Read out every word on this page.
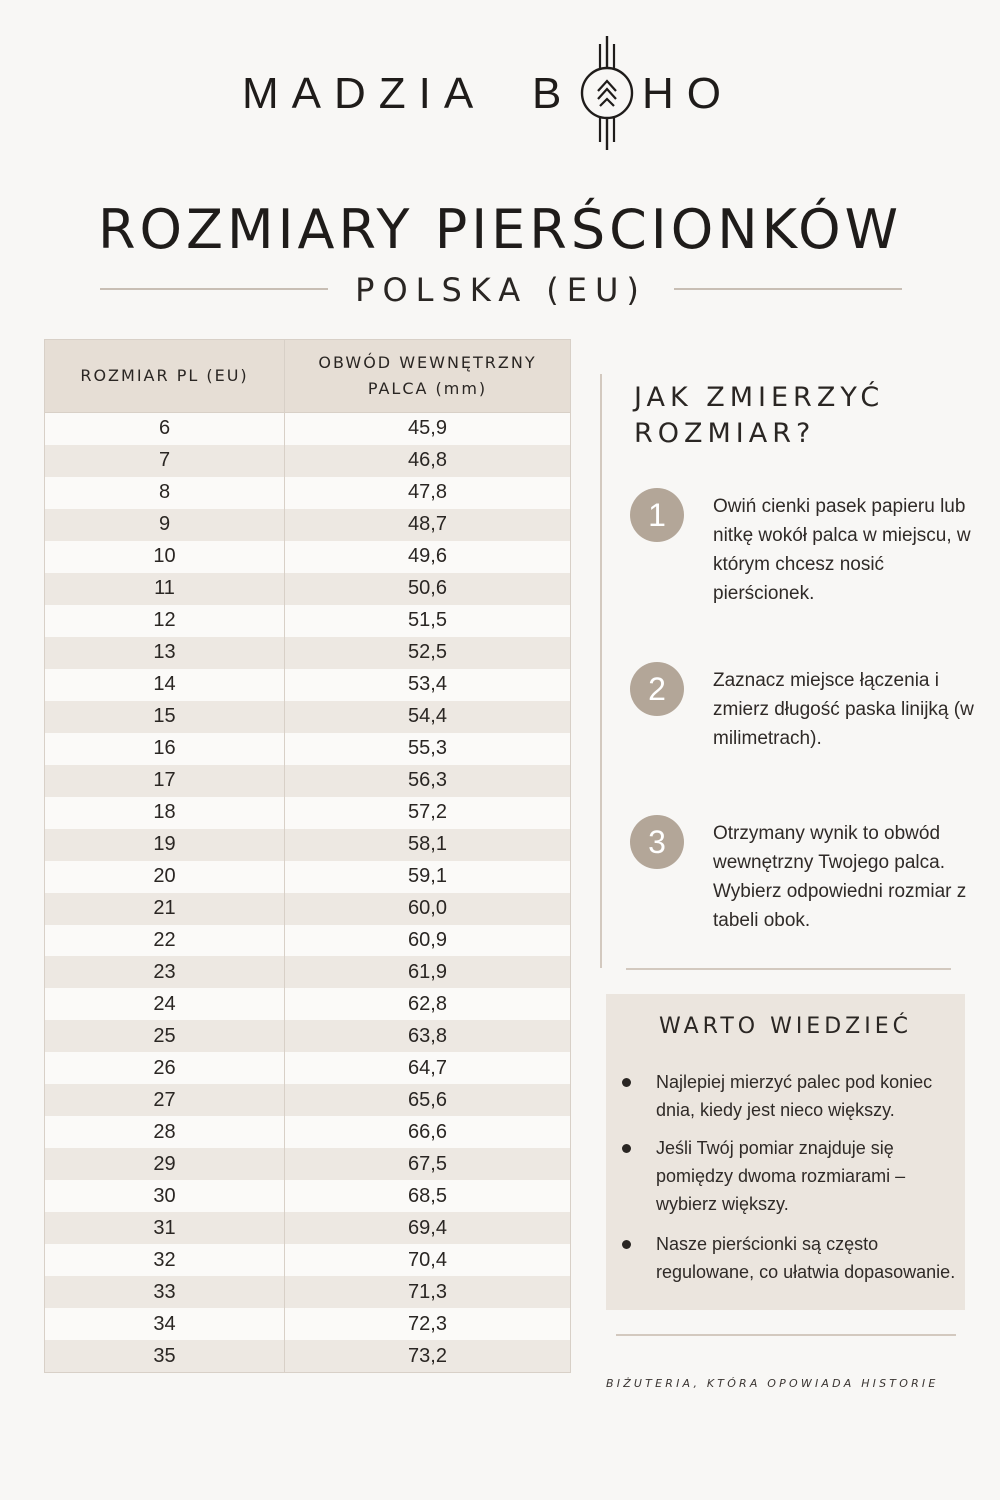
MADZIA B HO
ROZMIARY PIERŚCIONKÓW
POLSKA (EU)
ROZMIAR PL (EU)
OBWÓD WEWNĘTRZNY PALCA (mm)
6	45,9
7	46,8
8	47,8
9	48,7
10	49,6
11	50,6
12	51,5
13	52,5
14	53,4
15	54,4
16	55,3
17	56,3
18	57,2
19	58,1
20	59,1
21	60,0
22	60,9
23	61,9
24	62,8
25	63,8
26	64,7
27	65,6
28	66,6
29	67,5
30	68,5
31	69,4
32	70,4
33	71,3
34	72,3
35	73,2
JAK ZMIERZYĆ ROZMIAR?
1	Owiń cienki pasek papieru lub nitkę wokół palca w miejscu, w którym chcesz nosić pierścionek.
2	Zaznacz miejsce łączenia i zmierz długość paska linijką (w milimetrach).
3	Otrzymany wynik to obwód wewnętrzny Twojego palca. Wybierz odpowiedni rozmiar z tabeli obok.
WARTO WIEDZIEĆ
Najlepiej mierzyć palec pod koniec dnia, kiedy jest nieco większy.
Jeśli Twój pomiar znajduje się pomiędzy dwoma rozmiarami – wybierz większy.
Nasze pierścionki są często regulowane, co ułatwia dopasowanie.
BIŻUTERIA, KTÓRA OPOWIADA HISTORIE
